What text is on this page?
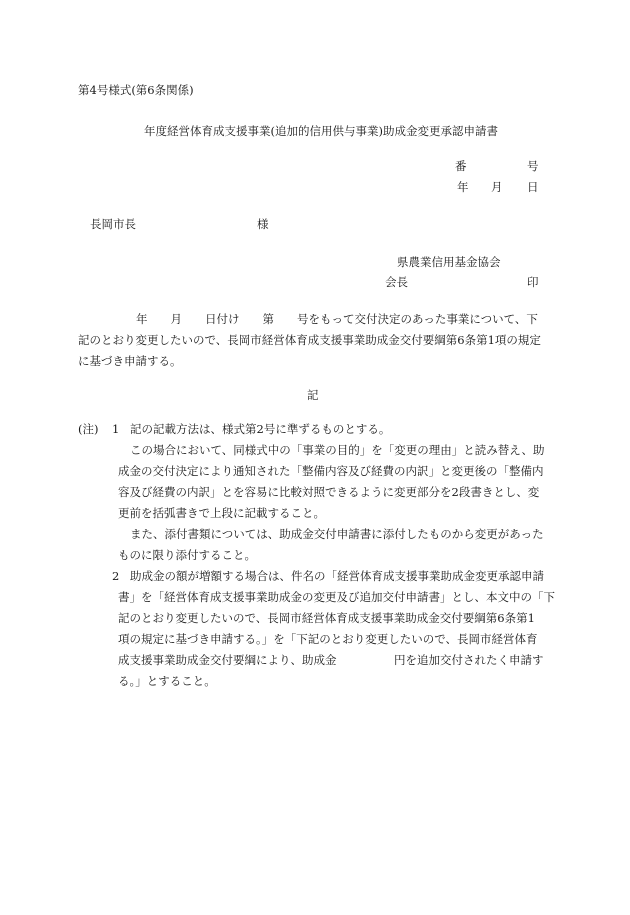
第4号様式(第6条関係)
年度経営体育成支援事業(追加的信用供与事業)助成金変更承認申請書
番	号
年 月 日
長岡市長	様
県農業信用基金協会
会長	印
年　　月　　日付け　　第　　号をもって交付決定のあった事業について、下
記のとおり変更したいので、長岡市経営体育成支援事業助成金交付要綱第6条第1項の規定
に基づき申請する。
記
(注) 1 記の記載方法は、様式第2号に準ずるものとする。
この場合において、同様式中の「事業の目的」を「変更の理由」と読み替え、助
成金の交付決定により通知された「整備内容及び経費の内訳」と変更後の「整備内
容及び経費の内訳」とを容易に比較対照できるように変更部分を2段書きとし、変
更前を括弧書きで上段に記載すること。
また、添付書類については、助成金交付申請書に添付したものから変更があった
ものに限り添付すること。
2 助成金の額が増額する場合は、件名の「経営体育成支援事業助成金変更承認申請
書」を「経営体育成支援事業助成金の変更及び追加交付申請書」とし、本文中の「下
記のとおり変更したいので、長岡市経営体育成支援事業助成金交付要綱第6条第1
項の規定に基づき申請する。」を「下記のとおり変更したいので、長岡市経営体育
成支援事業助成金交付要綱により、助成金　　　　　円を追加交付されたく申請す
る。」とすること。
